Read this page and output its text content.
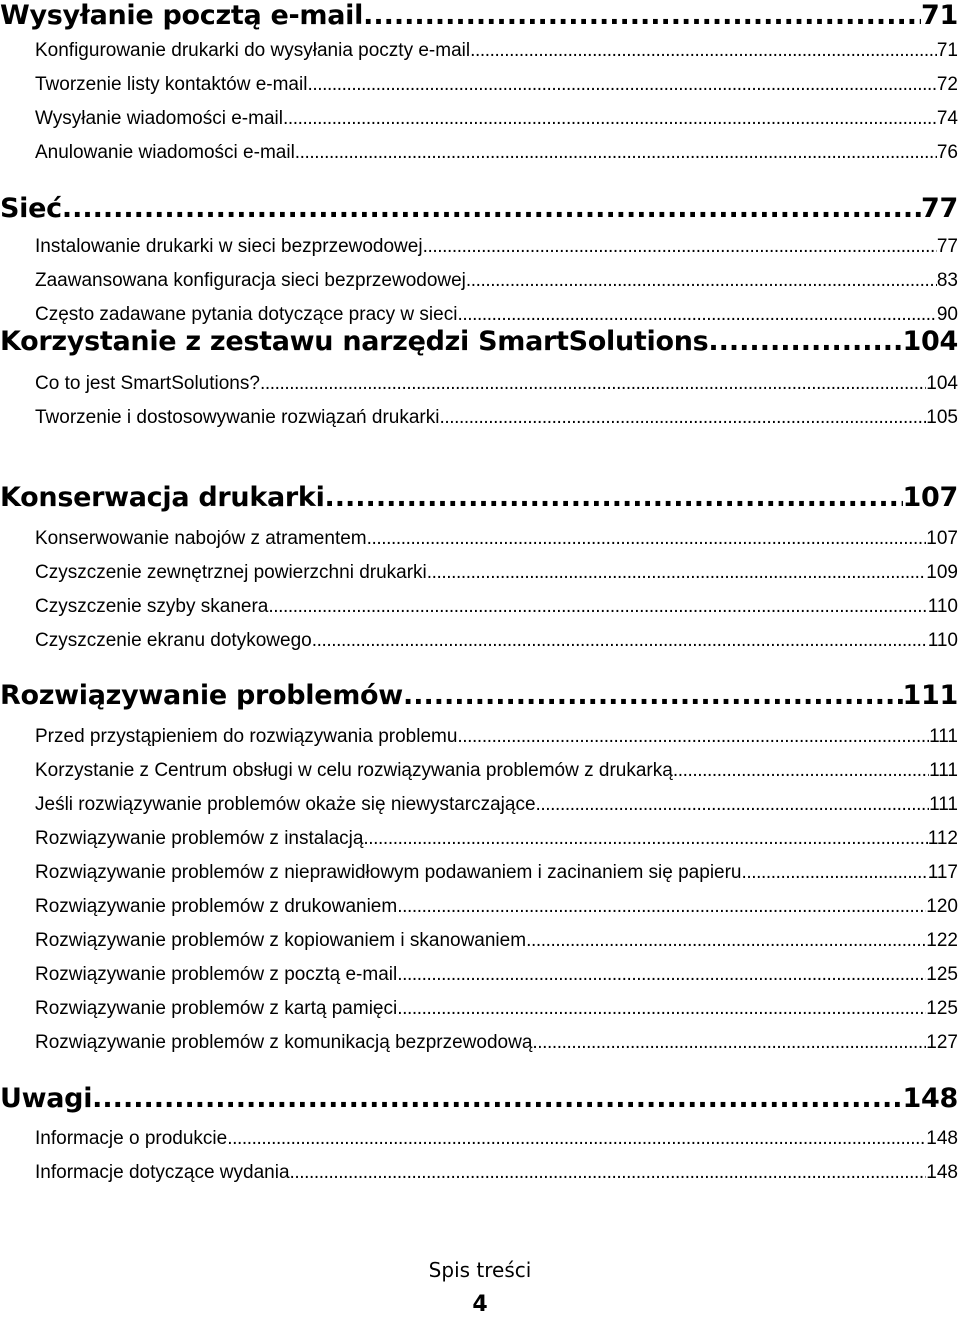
Wysyłanie pocztą e-mail .....	71
Konfigurowanie drukarki do wysyłania poczty e-mail .....	71
Tworzenie listy kontaktów e-mail .....	72
Wysyłanie wiadomości e-mail .....	74
Anulowanie wiadomości e-mail .....	76
Sieć .....	77
Instalowanie drukarki w sieci bezprzewodowej .....	77
Zaawansowana konfiguracja sieci bezprzewodowej .....	83
Często zadawane pytania dotyczące pracy w sieci .....	90
Korzystanie z zestawu narzędzi SmartSolutions .....	104
Co to jest SmartSolutions? .....	104
Tworzenie i dostosowywanie rozwiązań drukarki .....	105
Konserwacja drukarki .....	107
Konserwowanie nabojów z atramentem .....	107
Czyszczenie zewnętrznej powierzchni drukarki .....	109
Czyszczenie szyby skanera .....	110
Czyszczenie ekranu dotykowego .....	110
Rozwiązywanie problemów .....	111
Przed przystąpieniem do rozwiązywania problemu .....	111
Korzystanie z Centrum obsługi w celu rozwiązywania problemów z drukarką .....	111
Jeśli rozwiązywanie problemów okaże się niewystarczające .....	111
Rozwiązywanie problemów z instalacją .....	112
Rozwiązywanie problemów z nieprawidłowym podawaniem i zacinaniem się papieru .....	117
Rozwiązywanie problemów z drukowaniem .....	120
Rozwiązywanie problemów z kopiowaniem i skanowaniem .....	122
Rozwiązywanie problemów z pocztą e-mail .....	125
Rozwiązywanie problemów z kartą pamięci .....	125
Rozwiązywanie problemów z komunikacją bezprzewodową .....	127
Uwagi .....	148
Informacje o produkcie .....	148
Informacje dotyczące wydania .....	148
Spis treści
4
